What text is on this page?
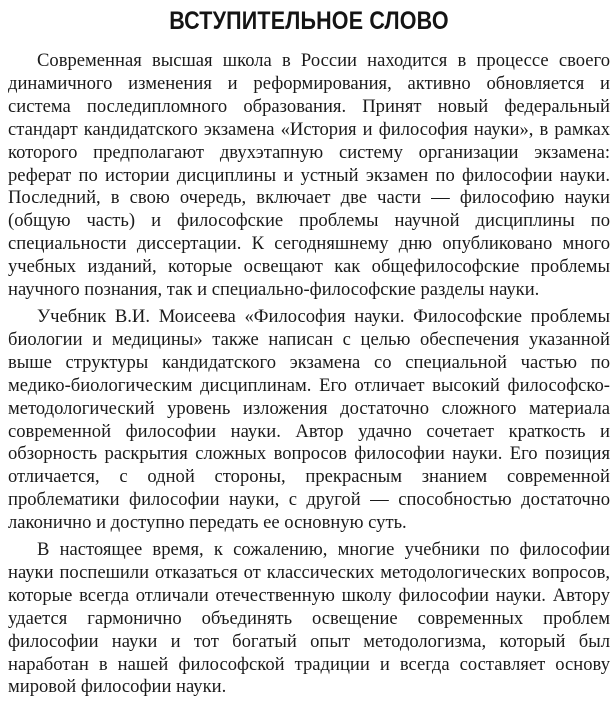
ВСТУПИТЕЛЬНОЕ СЛОВО

Современная высшая школа в России находится в процессе своего динамичного изменения и реформирования, активно обновляется и система последипломного образования. Принят новый федеральный стандарт кандидатского экзамена «История и философия науки», в рамках которого предполагают двухэтапную систему организации экзамена: реферат по истории дисциплины и устный экзамен по философии науки. Последний, в свою очередь, включает две части — философию науки (общую часть) и философские проблемы научной дисциплины по специальности диссертации. К сегодняшнему дню опубликовано много учебных изданий, которые освещают как общефилософские проблемы научного познания, так и специально-философские разделы науки.

Учебник В.И. Моисеева «Философия науки. Философские проблемы биологии и медицины» также написан с целью обеспечения указанной выше структуры кандидатского экзамена со специальной частью по медико-биологическим дисциплинам. Его отличает высокий философско-методологический уровень изложения достаточно сложного материала современной философии науки. Автор удачно сочетает краткость и обзорность раскрытия сложных вопросов философии науки. Его позиция отличается, с одной стороны, прекрасным знанием современной проблематики философии науки, с другой — способностью достаточно лаконично и доступно передать ее основную суть.

В настоящее время, к сожалению, многие учебники по философии науки поспешили отказаться от классических методологических вопросов, которые всегда отличали отечественную школу философии науки. Автору удается гармонично объединять освещение современных проблем философии науки и тот богатый опыт методологизма, который был наработан в нашей философской традиции и всегда составляет основу мировой философии науки.
